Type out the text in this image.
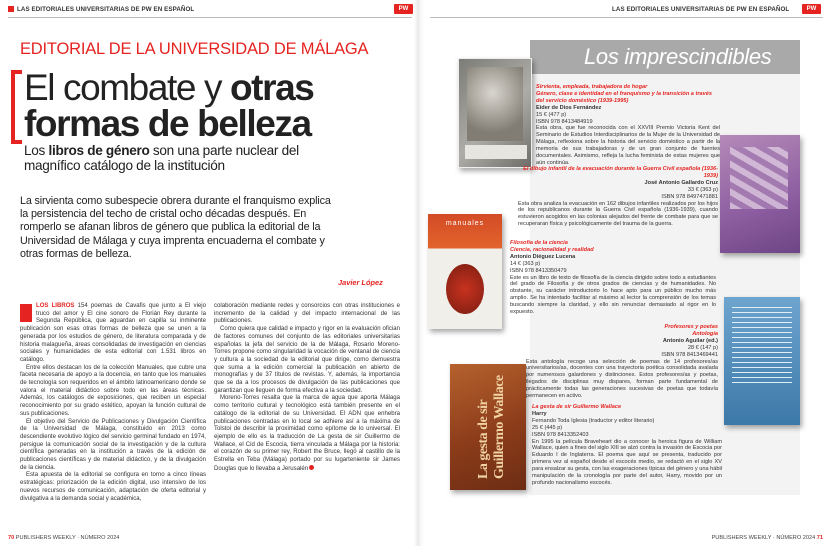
LAS EDITORIALES UNIVERSITARIAS DE PW EN ESPAÑOL	PW
EDITORIAL DE LA UNIVERSIDAD DE MÁLAGA
El combate y otras
formas de belleza
Los libros de género son una parte nuclear del magnífico catálogo de la institución
La sirvienta como subespecie obrera durante el franquismo explica la persistencia del techo de cristal ocho décadas después. En romperlo se afanan libros de género que publica la editorial de la Universidad de Málaga y cuya imprenta encuaderna el combate y otras formas de belleza.
Javier López

LOS LIBROS 154 poemas de Cavafis que junto a El viejo truco del amor y El cine sonoro de Florián Rey durante la Segunda República, que aguardan en capilla su inminente publicación son esas otras formas de belleza que se unen a la generada por los estudios de género, de literatura comparada y de historia malagueña, áreas consolidadas de investigación en ciencias sociales y humanidades de esta editorial con 1.531 libros en catálogo.

Entre ellos destacan los de la colección Manuales, que cubre una faceta necesaria de apoyo a la docencia, en tanto que los manuales de tecnología son requeridos en el ámbito latinoamericano donde se valora el material didáctico sobre todo en las áreas técnicas. Además, los catálogos de exposiciones, que reciben un especial reconocimiento por su grado estético, apoyan la función cultural de sus publicaciones.

El objetivo del Servicio de Publicaciones y Divulgación Científica de la Universidad de Málaga, constituido en 2013 como descendiente evolutivo lógico del servicio germinal fundado en 1974, persigue la comunicación social de la investigación y de la cultura científica generadas en la institución a través de la edición de publicaciones científicas y de material didáctico, y de la divulgación de la ciencia.

Esta apuesta de la editorial se configura en torno a cinco líneas estratégicas: priorización de la edición digital, uso intensivo de los nuevos recursos de comunicación, adaptación de oferta editorial y divulgativa a la demanda social y académica,

colaboración mediante redes y consorcios con otras instituciones e incremento de la calidad y del impacto internacional de las publicaciones.

Como quiera que calidad e impacto y rigor en la evaluación ofician de factores comunes del conjunto de las editoriales universitarias españolas la jefa del servicio de la de Málaga, Rosario Moreno-Torres propone como singularidad la vocación de ventanal de ciencia y cultura a la sociedad de la editorial que dirige, como demuestra que suma a la edición comercial la publicación en abierto de monografías y de 37 títulos de revistas. Y, además, la importancia que se da a los procesos de divulgación de las publicaciones que garantizan que lleguen de forma efectiva a la sociedad.

Moreno-Torres resalta que la marca de agua que aporta Málaga como territorio cultural y tecnológico está también presente en el catálogo de la editorial de su Universidad. El ADN que enhebra publicaciones centradas en lo local se adhiere así a la máxima de Tolstoi de describir la proximidad como epítome de lo universal. El ejemplo de ello es la traducción de La gesta de sir Guillermo de Wallace, el Cid de Escocia, tierra vinculada a Málaga por la historia: el corazón de su primer rey, Robert the Bruce, llegó al castillo de la Estrella en Teba (Málaga) portado por su lugarteniente sir James Douglas que lo llevaba a Jerusalén

70 PUBLISHERS WEEKLY · NÚMERO 2024
LAS EDITORIALES UNIVERSITARIAS DE PW EN ESPAÑOL	PW
Los imprescindibles
manuales
La gesta de sir Guillermo Wallace
Sirvienta, empleada, trabajadora de hogar
Género, clase e identidad en el franquismo y la transición a través del servicio doméstico (1939-1995)
Eider de Dios Fernández
15 € (477 p)
ISBN 978 8413484919
Esta obra, que fue reconocida con el XXVIII Premio Victoria Kent del Seminario de Estudios Interdisciplinarios de la Mujer de la Universidad de Málaga, reflexiona sobre la historia del servicio doméstico a partir de la memoria de sus trabajadoras y de un gran conjunto de fuentes documentales. Asimismo, refleja la lucha feminista de estas mujeres que aún continúa.
El dibujo infantil de la evacuación durante la Guerra Civil española (1936-1939)
José Antonio Gallardo Cruz
33 € (363 p)
ISBN 978 8497471881
Esta obra analiza la evacuación en 162 dibujos infantiles realizados por los hijos de los republicanos durante la Guerra Civil española (1936-1939), cuando estuvieron acogidos en las colonias alejados del frente de combate para que se recuperaran física y psicológicamente del trauma de la guerra.
Filosofía de la ciencia
Ciencia, racionalidad y realidad
Antonio Diéguez Lucena
14 € (363 p)
ISBN 978 8413350479
Este es un libro de texto de filosofía de la ciencia dirigido sobre todo a estudiantes del grado de Filosofía y de otros grados de ciencias y de humanidades. No obstante, su carácter introductorio lo hace apto para un público mucho más amplio. Se ha intentado facilitar al máximo al lector la comprensión de los temas buscando siempre la claridad, y ello sin renunciar demasiado al rigor en lo expuesto.
Profesores y poetas
Antología
Antonio Aguilar (ed.)
28 € (147 p)
ISBN 978 8413469441
Esta antología recoge una selección de poemas de 14 profesores/as universitarios/as, docentes con una trayectoria poética consolidada avalada por numerosos galardones y distinciones. Estos profesores/as y poetas, llegados de disciplinas muy dispares, forman parte fundamental de prácticamente todas las generaciones sucesivas de poetas que todavía permanecen en activo.
La gesta de sir Guillermo Wallace
Harry
Fernando Toda Iglesia (traductor y editor literario)
25 € (445 p)
ISBN 978 8413352403
En 1995 la película Braveheart dio a conocer la heroica figura de William Wallace, quien a fines del siglo XIII se alzó contra la invasión de Escocia por Eduardo I de Inglaterra. El poema que aquí se presenta, traducido por primera vez al español desde el escocés medio, se redactó en el siglo XV para ensalzar su gesta, con las exageraciones típicas del género y una hábil manipulación de la cronología por parte del autor, Harry, movido por un profundo nacionalismo escocés.
PUBLISHERS WEEKLY · NÚMERO 2024 71
